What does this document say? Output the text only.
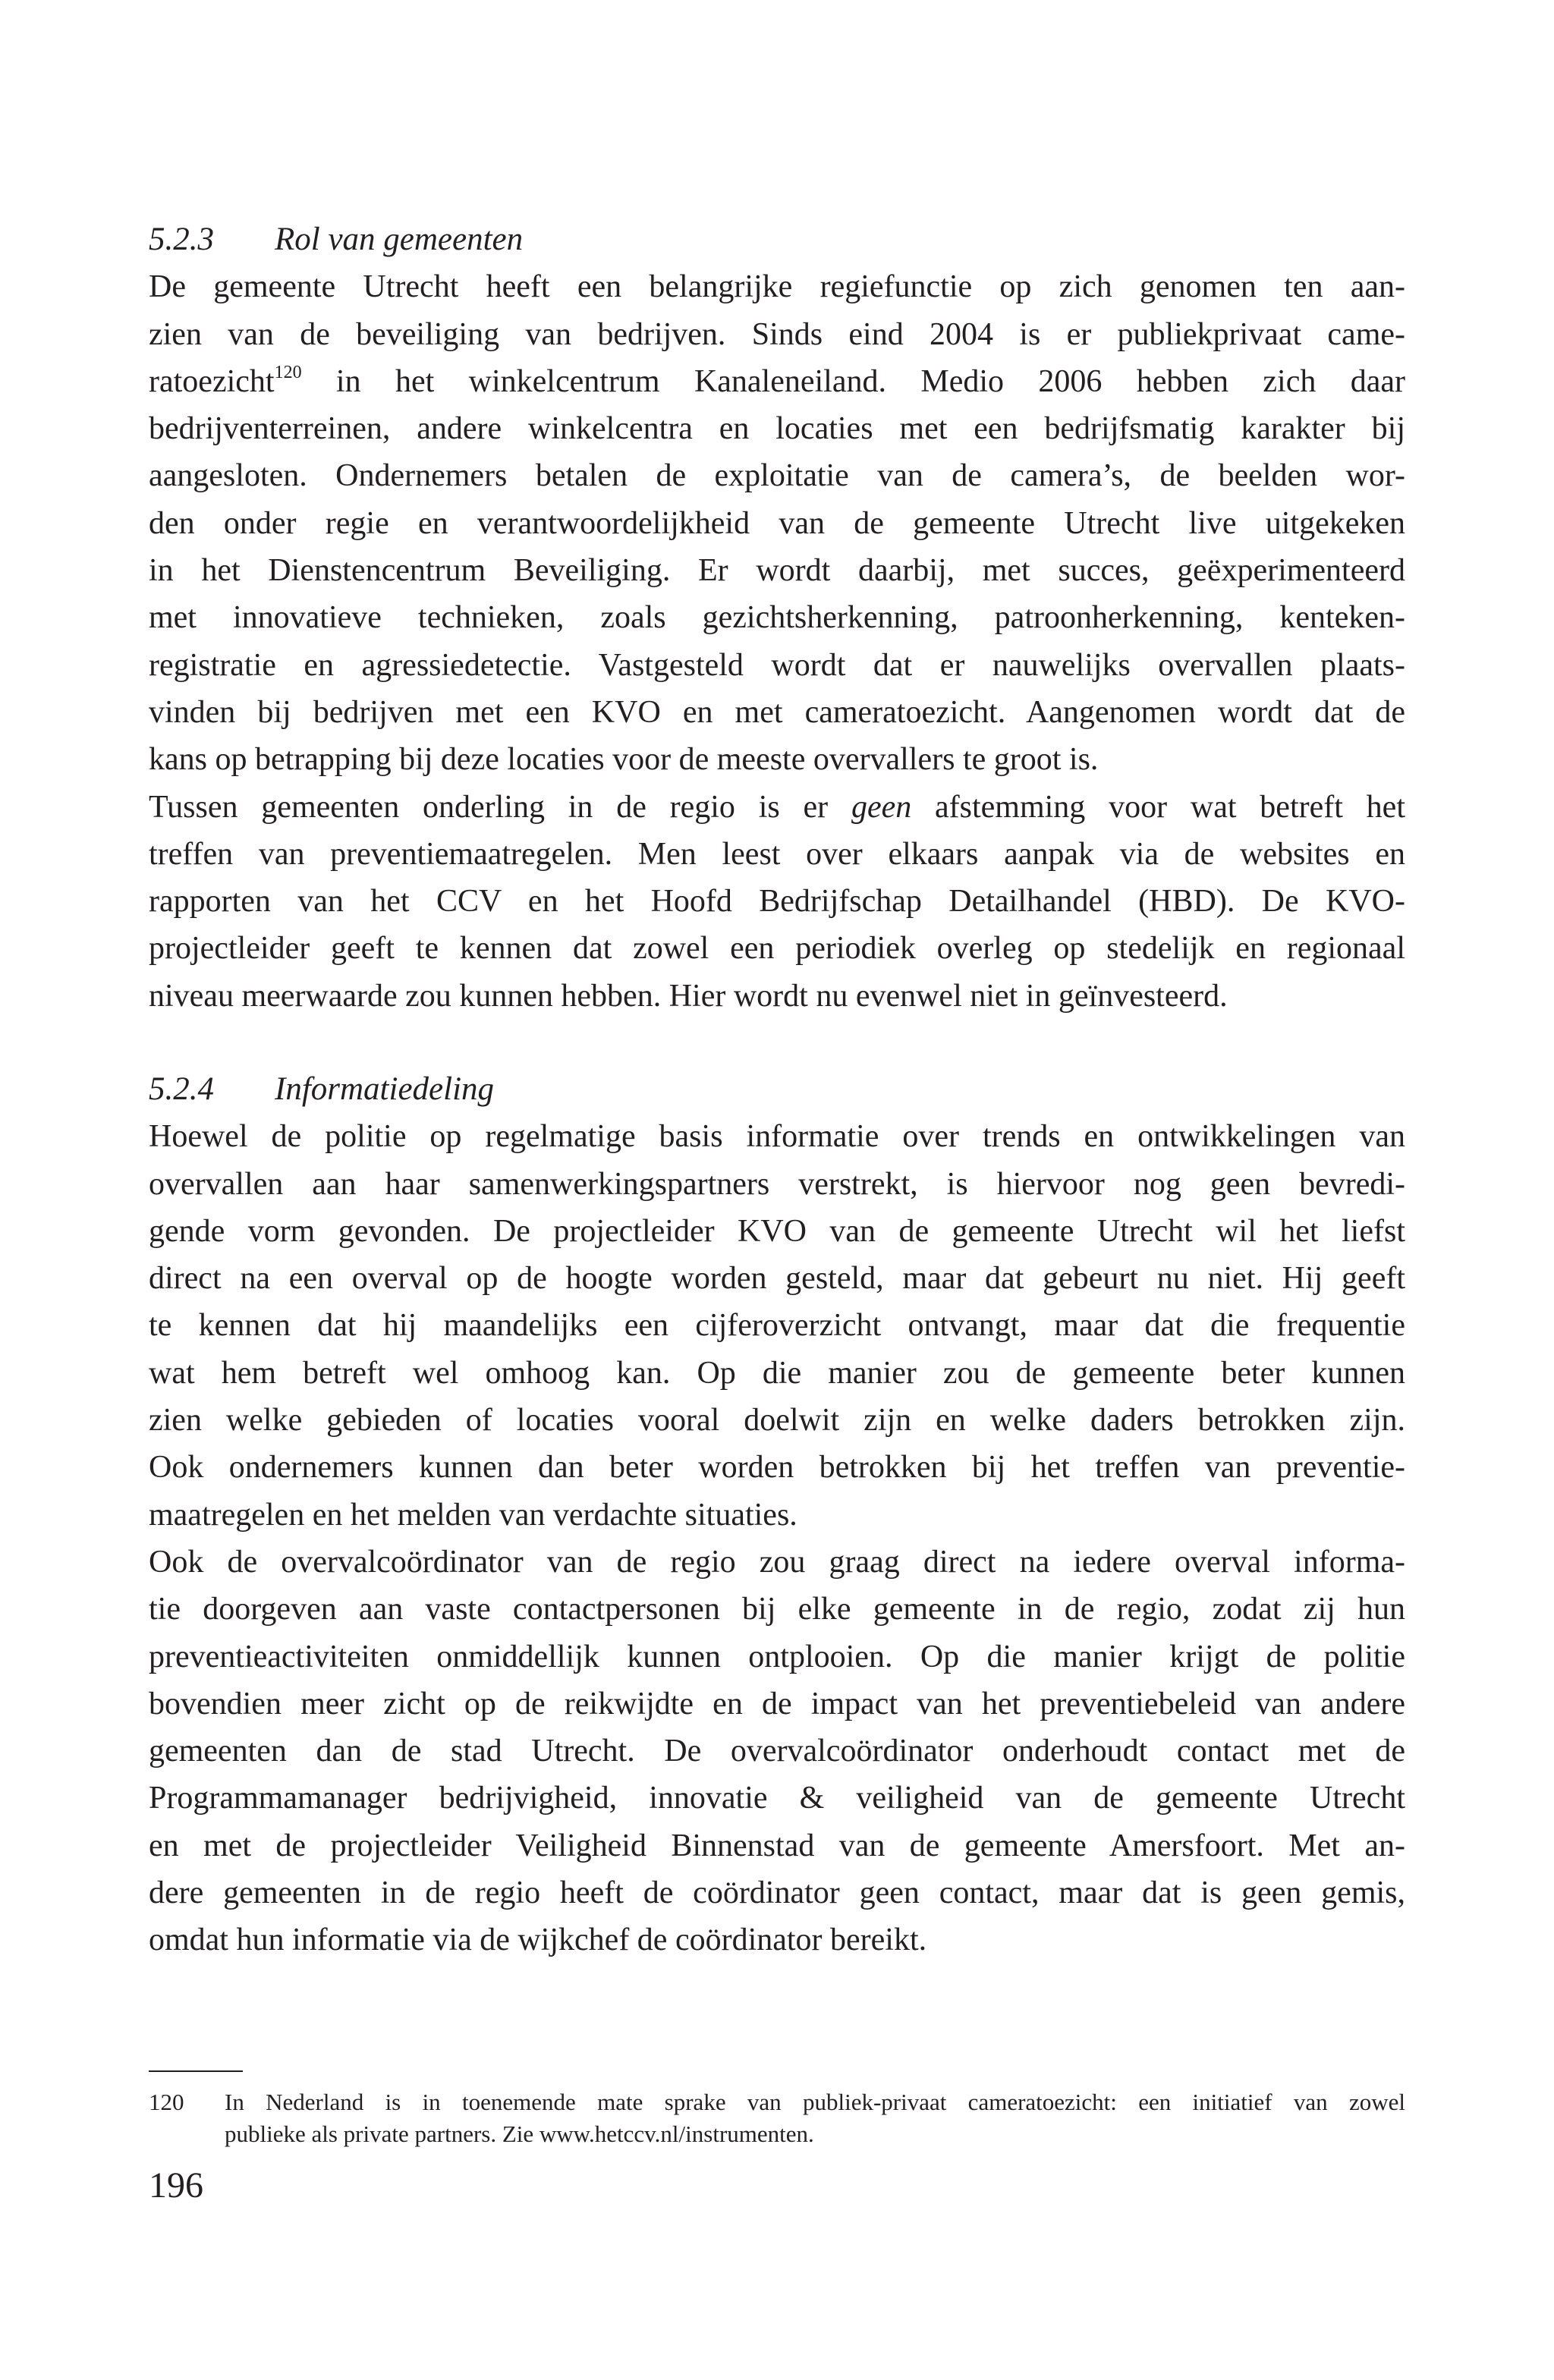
5.2.3 Rol van gemeenten
De gemeente Utrecht heeft een belangrijke regiefunctie op zich genomen ten aan-
zien van de beveiliging van bedrijven. Sinds eind 2004 is er publiekprivaat came-
ratoezicht$^{120}$ in het winkelcentrum Kanaleneiland. Medio 2006 hebben zich daar
bedrijventerreinen, andere winkelcentra en locaties met een bedrijfsmatig karakter bij
aangesloten. Ondernemers betalen de exploitatie van de camera’s, de beelden wor-
den onder regie en verantwoordelijkheid van de gemeente Utrecht live uitgekeken
in het Dienstencentrum Beveiliging. Er wordt daarbij, met succes, geëxperimenteerd
met innovatieve technieken, zoals gezichtsherkenning, patroonherkenning, kenteken-
registratie en agressiedetectie. Vastgesteld wordt dat er nauwelijks overvallen plaats-
vinden bij bedrijven met een KVO en met cameratoezicht. Aangenomen wordt dat de
kans op betrapping bij deze locaties voor de meeste overvallers te groot is.
Tussen gemeenten onderling in de regio is er geen afstemming voor wat betreft het
treffen van preventiemaatregelen. Men leest over elkaars aanpak via de websites en
rapporten van het CCV en het Hoofd Bedrijfschap Detailhandel (HBD). De KVO-
projectleider geeft te kennen dat zowel een periodiek overleg op stedelijk en regionaal
niveau meerwaarde zou kunnen hebben. Hier wordt nu evenwel niet in geïnvesteerd.
5.2.4 Informatiedeling
Hoewel de politie op regelmatige basis informatie over trends en ontwikkelingen van
overvallen aan haar samenwerkingspartners verstrekt, is hiervoor nog geen bevredi-
gende vorm gevonden. De projectleider KVO van de gemeente Utrecht wil het liefst
direct na een overval op de hoogte worden gesteld, maar dat gebeurt nu niet. Hij geeft
te kennen dat hij maandelijks een cijferoverzicht ontvangt, maar dat die frequentie
wat hem betreft wel omhoog kan. Op die manier zou de gemeente beter kunnen
zien welke gebieden of locaties vooral doelwit zijn en welke daders betrokken zijn.
Ook ondernemers kunnen dan beter worden betrokken bij het treffen van preventie-
maatregelen en het melden van verdachte situaties.
Ook de overvalcoördinator van de regio zou graag direct na iedere overval informa-
tie doorgeven aan vaste contactpersonen bij elke gemeente in de regio, zodat zij hun
preventieactiviteiten onmiddellijk kunnen ontplooien. Op die manier krijgt de politie
bovendien meer zicht op de reikwijdte en de impact van het preventiebeleid van andere
gemeenten dan de stad Utrecht. De overvalcoördinator onderhoudt contact met de
Programmamanager bedrijvigheid, innovatie & veiligheid van de gemeente Utrecht
en met de projectleider Veiligheid Binnenstad van de gemeente Amersfoort. Met an-
dere gemeenten in de regio heeft de coördinator geen contact, maar dat is geen gemis,
omdat hun informatie via de wijkchef de coördinator bereikt.
120 In Nederland is in toenemende mate sprake van publiek-privaat cameratoezicht: een initiatief van zowel
publieke als private partners. Zie www.hetccv.nl/instrumenten.
196
